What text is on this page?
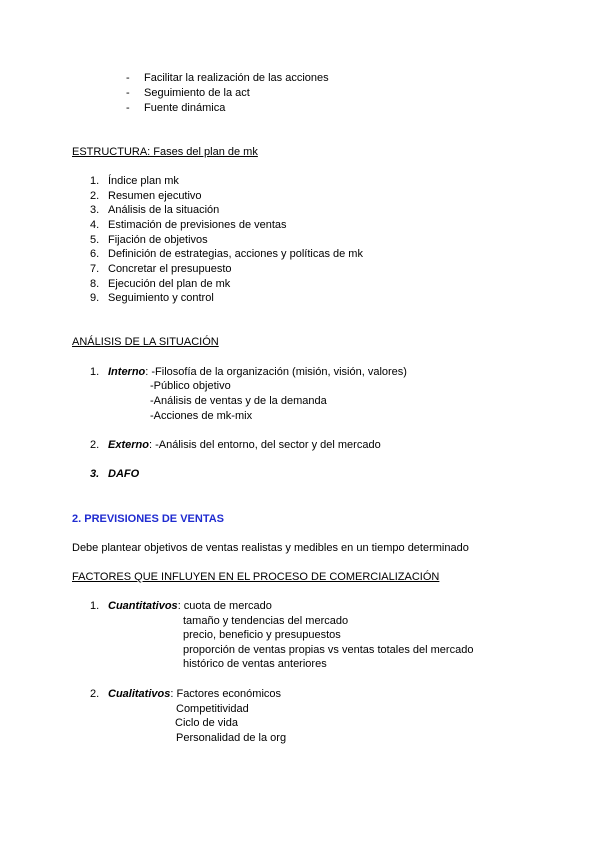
- Facilitar la realización de las acciones
- Seguimiento de la act
- Fuente dinámica
ESTRUCTURA: Fases del plan de mk
1. Índice plan mk
2. Resumen ejecutivo
3. Análisis de la situación
4. Estimación de previsiones de ventas
5. Fijación de objetivos
6. Definición de estrategias, acciones y políticas de mk
7. Concretar el presupuesto
8. Ejecución del plan de mk
9. Seguimiento y control
ANÁLISIS DE LA SITUACIÓN
1. Interno: -Filosofía de la organización (misión, visión, valores)
-Público objetivo
-Análisis de ventas y de la demanda
-Acciones de mk-mix
2. Externo: -Análisis del entorno, del sector y del mercado
3. DAFO
2. PREVISIONES DE VENTAS
Debe plantear objetivos de ventas realistas y medibles en un tiempo determinado
FACTORES QUE INFLUYEN EN EL PROCESO DE COMERCIALIZACIÓN
1. Cuantitativos: cuota de mercado
tamaño y tendencias del mercado
precio, beneficio y presupuestos
proporción de ventas propias vs ventas totales del mercado
histórico de ventas anteriores
2. Cualitativos: Factores económicos
Competitividad
Ciclo de vida
Personalidad de la org
